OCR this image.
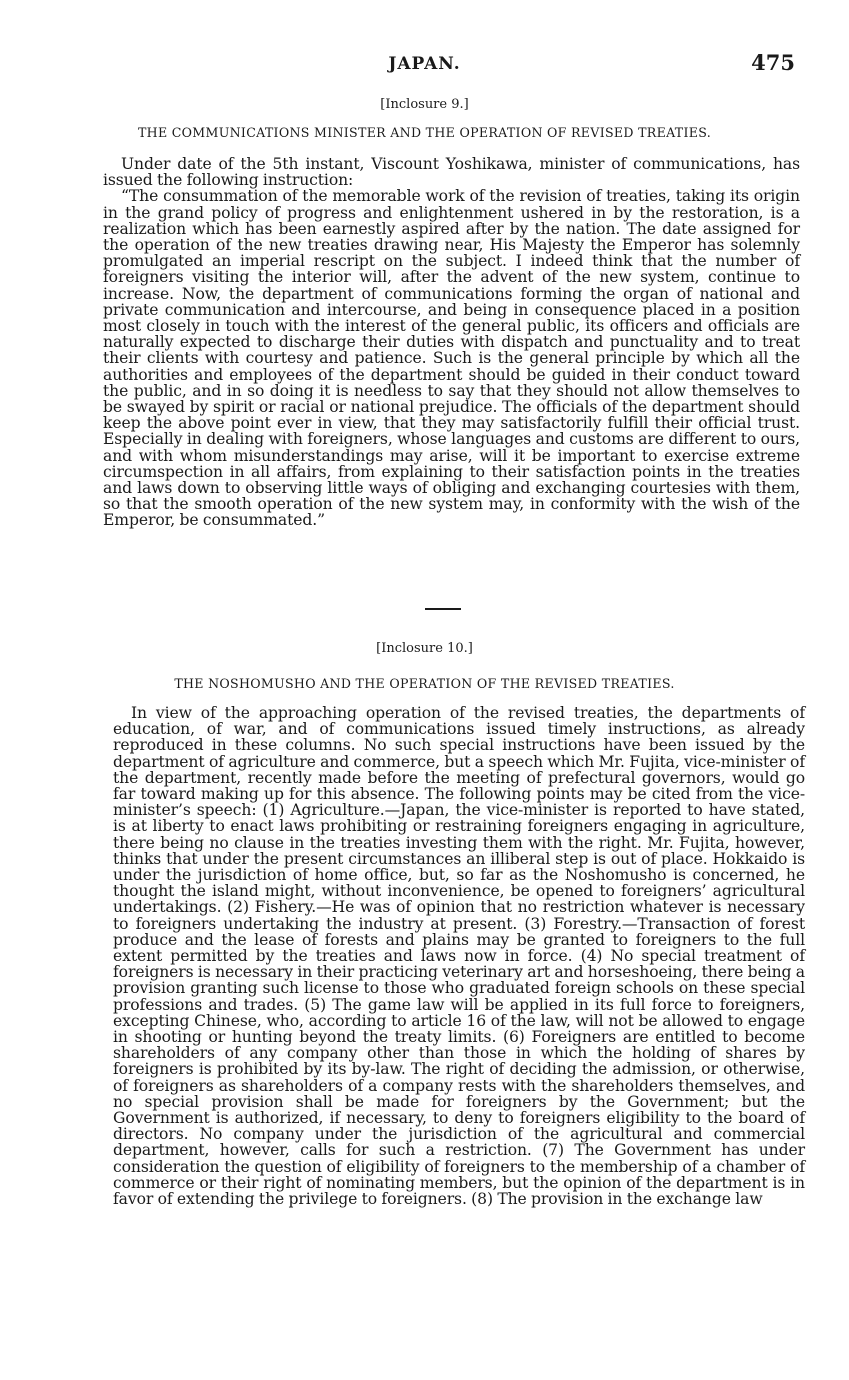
JAPAN.	475
[Inclosure 9.]
THE COMMUNICATIONS MINISTER AND THE OPERATION OF REVISED TREATIES.

Under date of the 5th instant, Viscount Yoshikawa, minister of communications, has issued the following instruction:

“The consummation of the memorable work of the revision of treaties, taking its origin in the grand policy of progress and enlightenment ushered in by the restoration, is a realization which has been earnestly aspired after by the nation. The date assigned for the operation of the new treaties drawing near, His Majesty the Emperor has solemnly promulgated an imperial rescript on the subject. I indeed think that the number of foreigners visiting the interior will, after the advent of the new system, continue to increase. Now, the department of communications forming the organ of national and private communication and intercourse, and being in consequence placed in a position most closely in touch with the interest of the general public, its officers and officials are naturally expected to discharge their duties with dispatch and punctuality and to treat their clients with courtesy and patience. Such is the general principle by which all the authorities and employees of the department should be guided in their conduct toward the public, and in so doing it is needless to say that they should not allow themselves to be swayed by spirit or racial or national prejudice. The officials of the department should keep the above point ever in view, that they may satisfactorily fulfill their official trust. Especially in dealing with foreigners, whose languages and customs are different to ours, and with whom misunderstandings may arise, will it be important to exercise extreme circumspection in all affairs, from explaining to their satisfaction points in the treaties and laws down to observing little ways of obliging and exchanging courtesies with them, so that the smooth operation of the new system may, in conformity with the wish of the Emperor, be consummated.”

[Inclosure 10.]
THE NOSHOMUSHO AND THE OPERATION OF THE REVISED TREATIES.

In view of the approaching operation of the revised treaties, the departments of education, of war, and of communications issued timely instructions, as already reproduced in these columns. No such special instructions have been issued by the department of agriculture and commerce, but a speech which Mr. Fujita, vice-minister of the department, recently made before the meeting of prefectural governors, would go far toward making up for this absence. The following points may be cited from the vice-minister’s speech: (1) Agriculture.—Japan, the vice-minister is reported to have stated, is at liberty to enact laws prohibiting or restraining foreigners engaging in agriculture, there being no clause in the treaties investing them with the right. Mr. Fujita, however, thinks that under the present circumstances an illiberal step is out of place. Hokkaido is under the jurisdiction of home office, but, so far as the Noshomusho is concerned, he thought the island might, without inconvenience, be opened to foreigners’ agricultural undertakings. (2) Fishery.—He was of opinion that no restriction whatever is necessary to foreigners undertaking the industry at present. (3) Forestry.—Transaction of forest produce and the lease of forests and plains may be granted to foreigners to the full extent permitted by the treaties and laws now in force. (4) No special treatment of foreigners is necessary in their practicing veterinary art and horseshoeing, there being a provision granting such license to those who graduated foreign schools on these special professions and trades. (5) The game law will be applied in its full force to foreigners, excepting Chinese, who, according to article 16 of the law, will not be allowed to engage in shooting or hunting beyond the treaty limits. (6) Foreigners are entitled to become shareholders of any company other than those in which the holding of shares by foreigners is prohibited by its by-law. The right of deciding the admission, or otherwise, of foreigners as shareholders of a company rests with the shareholders themselves, and no special provision shall be made for foreigners by the Government; but the Government is authorized, if necessary, to deny to foreigners eligibility to the board of directors. No company under the jurisdiction of the agricultural and commercial department, however, calls for such a restriction. (7) The Government has under consideration the question of eligibility of foreigners to the membership of a chamber of commerce or their right of nominating members, but the opinion of the department is in favor of extending the privilege to foreigners. (8) The provision in the exchange law
